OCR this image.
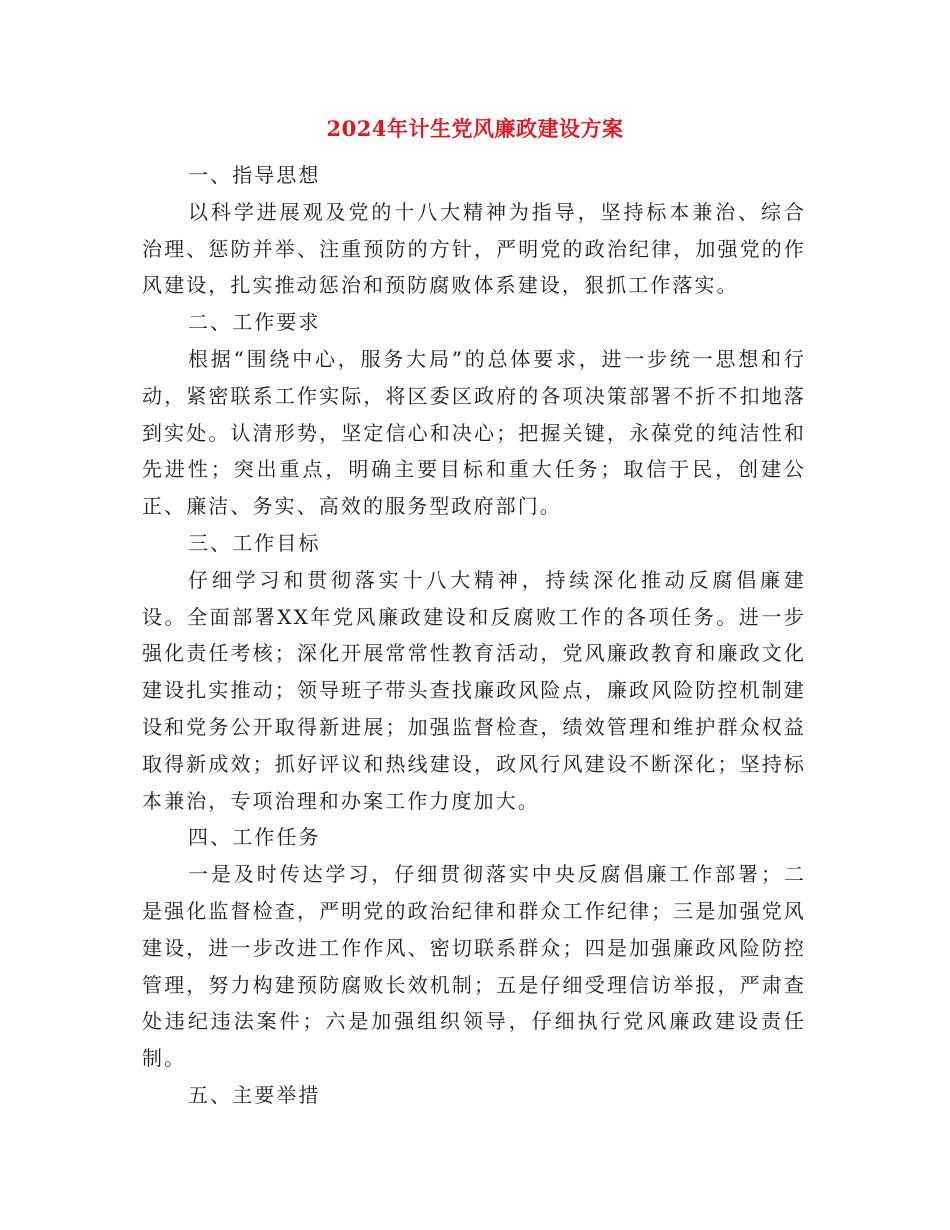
2024年计生党风廉政建设方案

一、指导思想

以科学进展观及党的十八大精神为指导，坚持标本兼治、综合治理、惩防并举、注重预防的方针，严明党的政治纪律，加强党的作风建设，扎实推动惩治和预防腐败体系建设，狠抓工作落实。

二、工作要求

根据“围绕中心，服务大局”的总体要求，进一步统一思想和行动，紧密联系工作实际，将区委区政府的各项决策部署不折不扣地落到实处。认清形势，坚定信心和决心；把握关键，永葆党的纯洁性和先进性；突出重点，明确主要目标和重大任务；取信于民，创建公正、廉洁、务实、高效的服务型政府部门。

三、工作目标

仔细学习和贯彻落实十八大精神，持续深化推动反腐倡廉建设。全面部署XX年党风廉政建设和反腐败工作的各项任务。进一步强化责任考核；深化开展常常性教育活动，党风廉政教育和廉政文化建设扎实推动；领导班子带头查找廉政风险点，廉政风险防控机制建设和党务公开取得新进展；加强监督检查，绩效管理和维护群众权益取得新成效；抓好评议和热线建设，政风行风建设不断深化；坚持标本兼治，专项治理和办案工作力度加大。

四、工作任务

一是及时传达学习，仔细贯彻落实中央反腐倡廉工作部署；二是强化监督检查，严明党的政治纪律和群众工作纪律；三是加强党风建设，进一步改进工作作风、密切联系群众；四是加强廉政风险防控管理，努力构建预防腐败长效机制；五是仔细受理信访举报，严肃查处违纪违法案件；六是加强组织领导，仔细执行党风廉政建设责任制。

五、主要举措
